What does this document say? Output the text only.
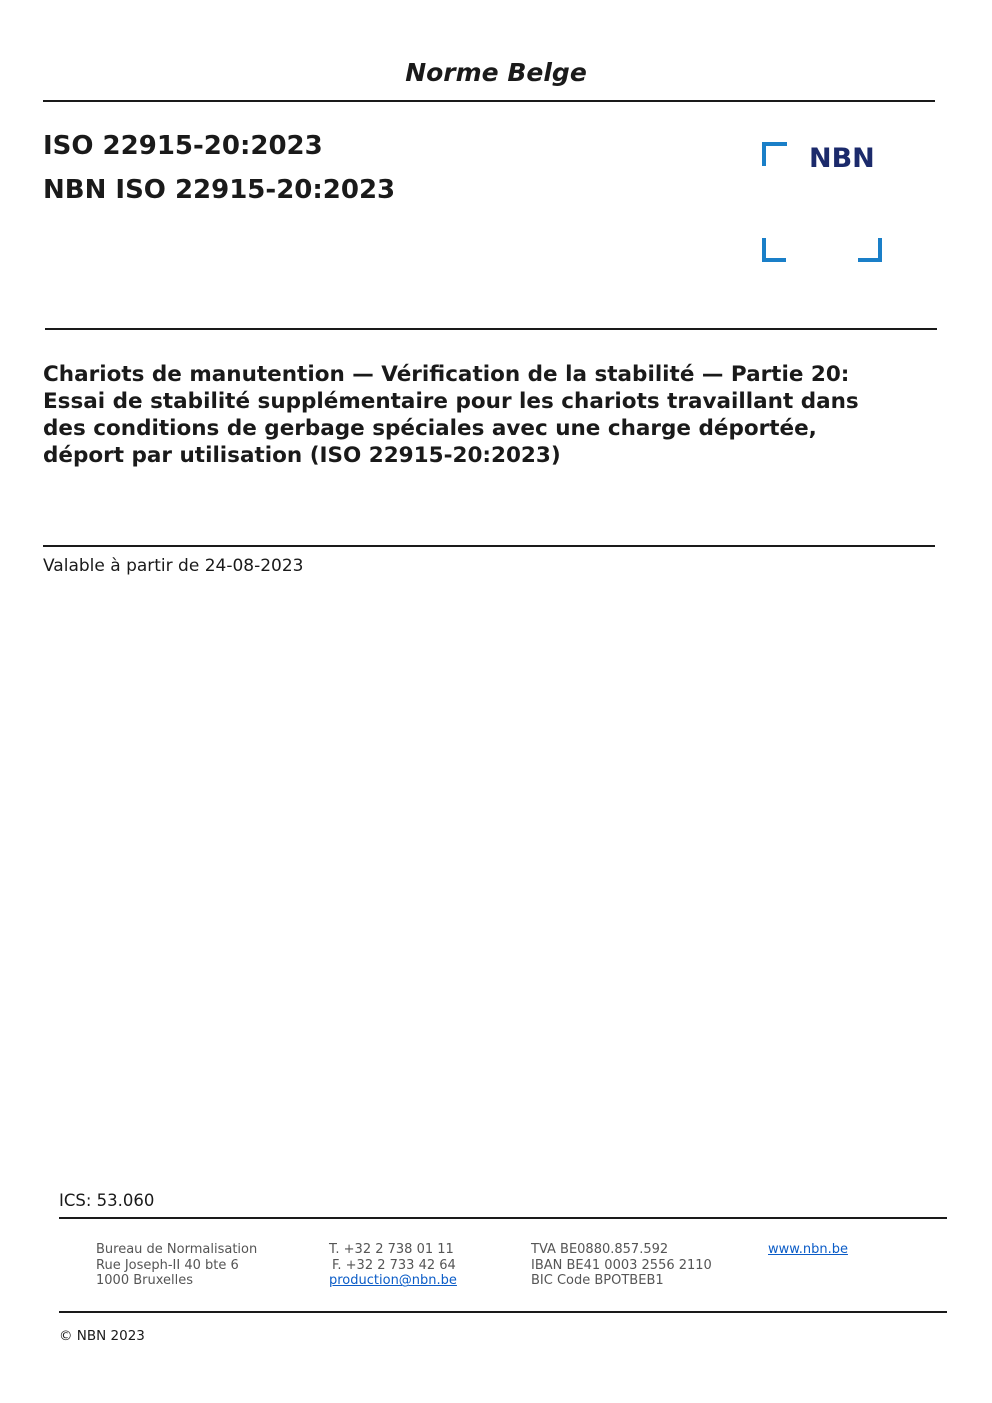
Norme Belge
ISO 22915-20:2023
NBN ISO 22915-20:2023
NBN
Chariots de manutention — Vérification de la stabilité — Partie 20: Essai de stabilité supplémentaire pour les chariots travaillant dans des conditions de gerbage spéciales avec une charge déportée, déport par utilisation (ISO 22915-20:2023)
Valable à partir de 24-08-2023
ICS: 53.060
Bureau de Normalisation
Rue Joseph-II 40 bte 6
1000 Bruxelles
T. +32 2 738 01 11
F. +32 2 733 42 64
production@nbn.be
TVA BE0880.857.592
IBAN BE41 0003 2556 2110
BIC Code BPOTBEB1
www.nbn.be
© NBN 2023
